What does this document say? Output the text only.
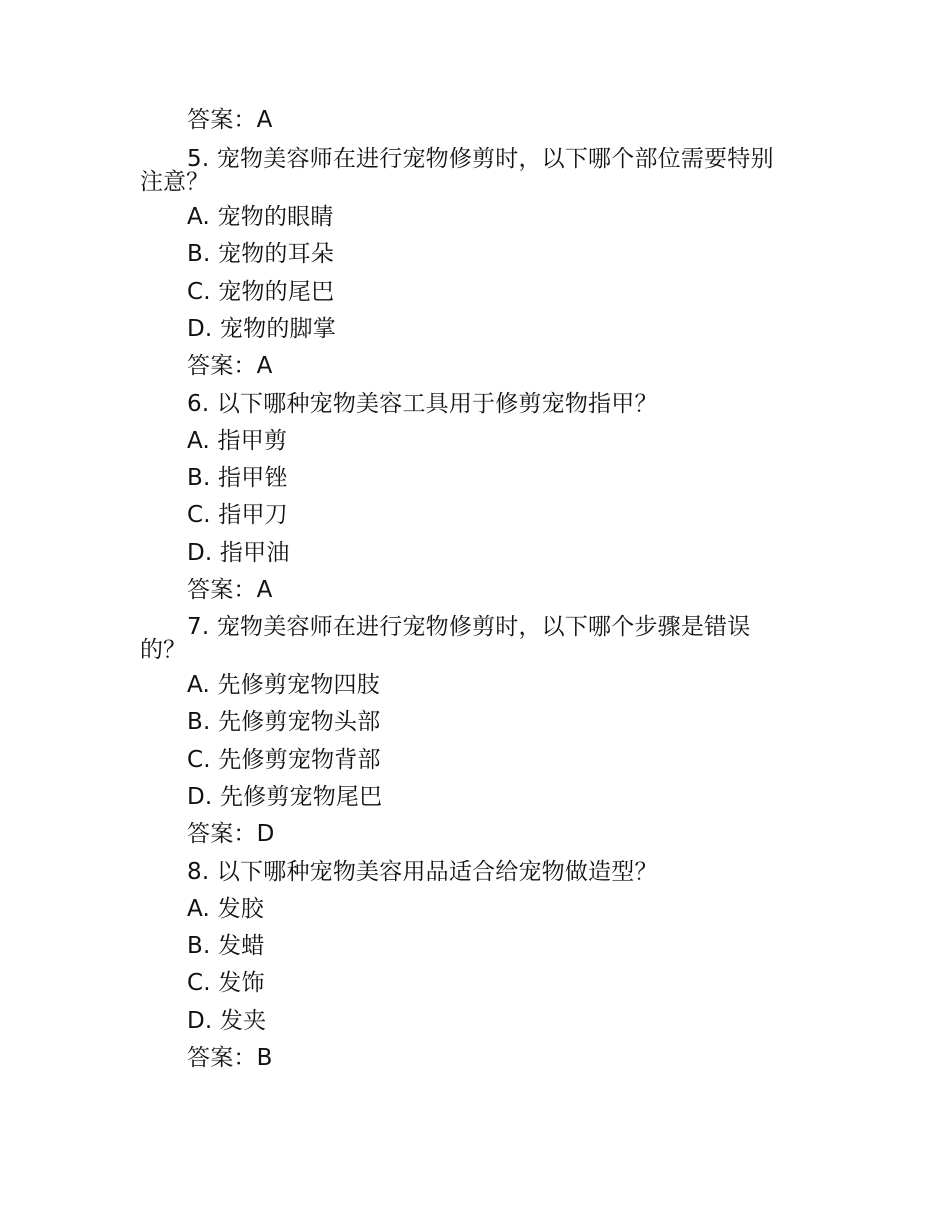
答案：A
5. 宠物美容师在进行宠物修剪时，以下哪个部位需要特别
注意？
A. 宠物的眼睛
B. 宠物的耳朵
C. 宠物的尾巴
D. 宠物的脚掌
答案：A
6. 以下哪种宠物美容工具用于修剪宠物指甲？
A. 指甲剪
B. 指甲锉
C. 指甲刀
D. 指甲油
答案：A
7. 宠物美容师在进行宠物修剪时，以下哪个步骤是错误
的？
A. 先修剪宠物四肢
B. 先修剪宠物头部
C. 先修剪宠物背部
D. 先修剪宠物尾巴
答案：D
8. 以下哪种宠物美容用品适合给宠物做造型？
A. 发胶
B. 发蜡
C. 发饰
D. 发夹
答案：B
